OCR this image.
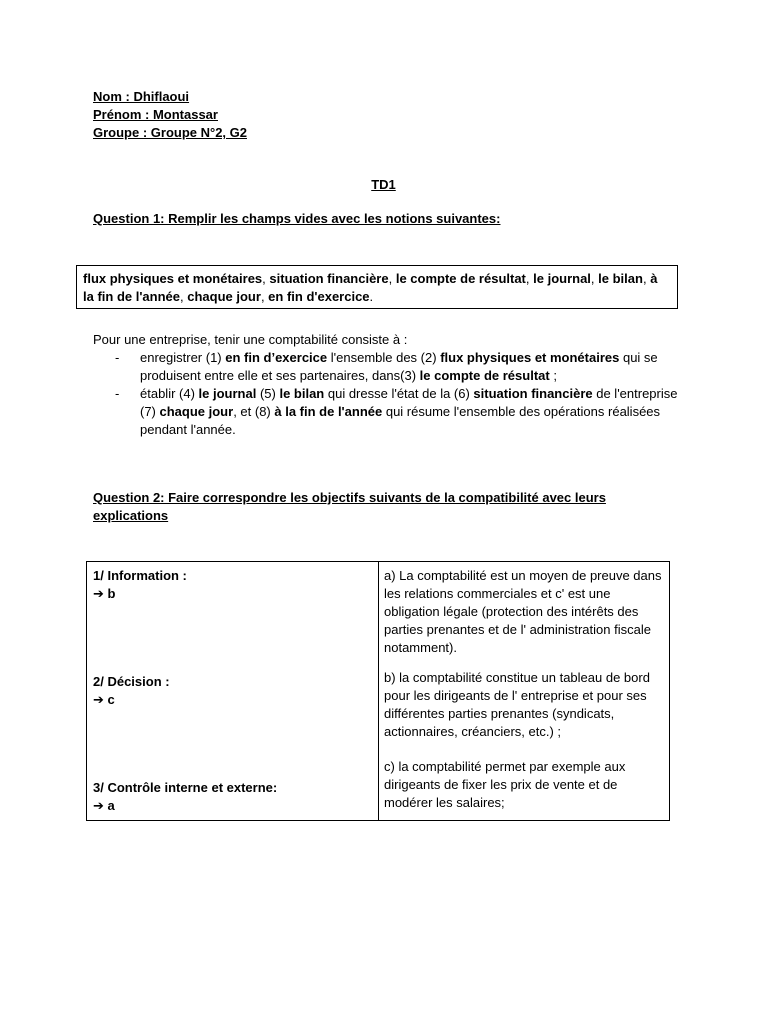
Nom : Dhiflaoui
Prénom : Montassar
Groupe : Groupe N°2, G2
TD1
Question 1: Remplir les champs vides avec les notions suivantes:
flux physiques et monétaires, situation financière, le compte de résultat, le journal, le bilan, à la fin de l'année, chaque jour, en fin d'exercice.
Pour une entreprise, tenir une comptabilité consiste à :
- enregistrer (1) en fin d’exercice l'ensemble des (2) flux physiques et monétaires qui se produisent entre elle et ses partenaires, dans(3) le compte de résultat ;
- établir (4) le journal (5) le bilan qui dresse l'état de la (6) situation financière de l'entreprise (7) chaque jour, et (8) à la fin de l'année qui résume l'ensemble des opérations réalisées pendant l'année.
Question 2: Faire correspondre les objectifs suivants de la compatibilité avec leurs explications
1/ Information :
➔ b
2/ Décision :
➔ c
3/ Contrôle interne et externe:
➔ a
a) La comptabilité est un moyen de preuve dans les relations commerciales et c' est une obligation légale (protection des intérêts des parties prenantes et de l' administration fiscale notamment).
b) la comptabilité constitue un tableau de bord pour les dirigeants de l' entreprise et pour ses différentes parties prenantes (syndicats, actionnaires, créanciers, etc.) ;
c) la comptabilité permet par exemple aux dirigeants de fixer les prix de vente et de modérer les salaires;
